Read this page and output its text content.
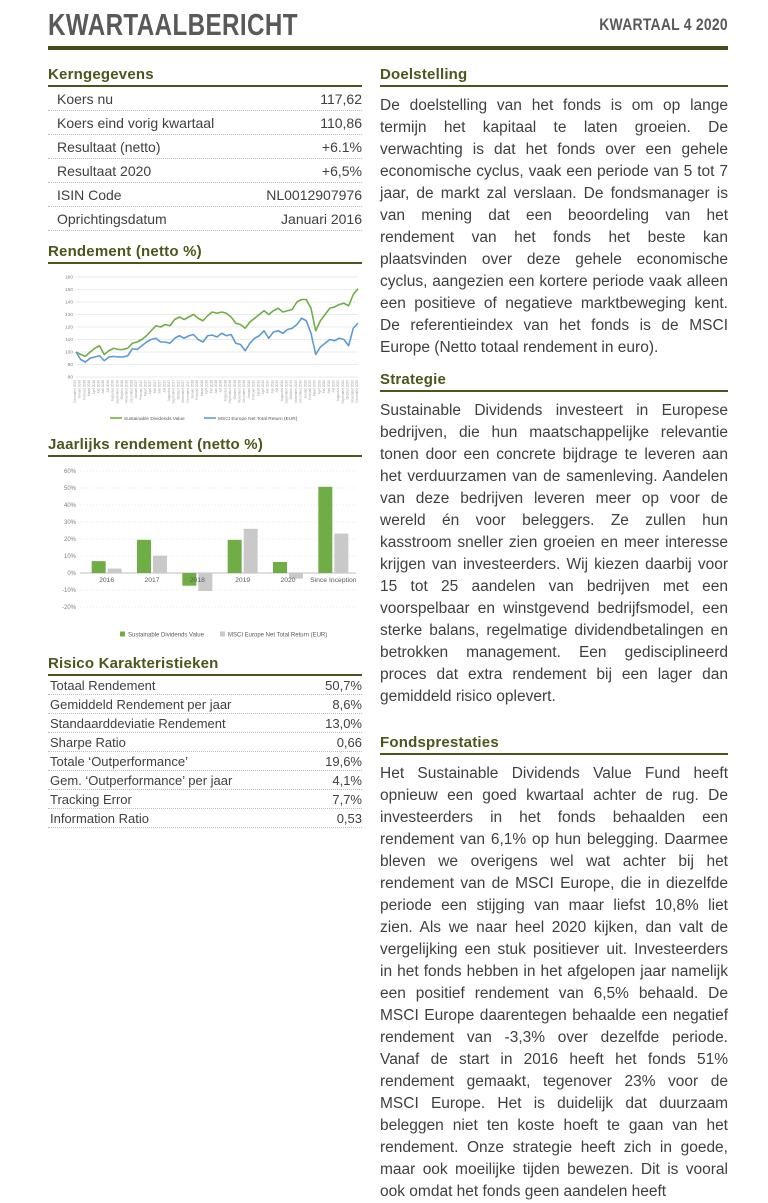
KWARTAALBERICHT	KWARTAAL 4 2020
Kerngegevens
Koers nu	117,62
Koers eind vorig kwartaal	110,86
Resultaat (netto)	+6.1%
Resultaat 2020	+6,5%
ISIN Code	NL0012907976
Oprichtingsdatum	Januari 2016
Rendement (netto %)
80
90
100
110
120
130
140
150
160
December 2015 Januari 2016 Februari 2016 Maart 2016 April 2016 Mei 2016 Juni 2016 Juli 2016 Augustus 2016 September 2016 Oktober 2016 November 2016 December 2016 Januari 2017 Februari 2017 Maart 2017 April 2017 Mei 2017 Juni 2017 Juli 2017 Augustus 2017 September 2017 Oktober 2017 November 2017 December 2017 Januari 2018 Februari 2018 Maart 2018 April 2018 Mei 2018 Juni 2018 Juli 2018 Augustus 2018 September 2018 Oktober 2018 November 2018 December 2018 Januari 2019 Februari 2019 Maart 2019 April 2019 Mei 2019 Juni 2019 Juli 2019 Augustus 2019 September 2019 Oktober 2019 November 2019 December 2019 Januari 2020 Februari 2020 Maart 2020 April 2020 Mei 2020 Juni 2020 Juli 2020 Augustus 2020 September 2020 Oktober 2020 November 2020 December 2020
Sustainable Dividends Value	MSCI Europe Net Total Return (EUR)
Jaarlijks rendement (netto %)
60%
50%
40%
30%
20%
10%
0%
-10%
-20%
2016	2017	2018	2019	2020 Since Inception
Sustainable Dividends Value	MSCI Europe Net Total Return (EUR)
Risico Karakteristieken
Totaal Rendement	50,7%
Gemiddeld Rendement per jaar	8,6%
Standaarddeviatie Rendement	13,0%
Sharpe Ratio	0,66
Totale ‘Outperformance’	19,6%
Gem. ‘Outperformance’ per jaar	4,1%
Tracking Error	7,7%
Information Ratio	0,53
Doelstelling

De doelstelling van het fonds is om op lange termijn het kapitaal te laten groeien. De verwachting is dat het fonds over een gehele economische cyclus, vaak een periode van 5 tot 7 jaar, de markt zal verslaan. De fondsmanager is van mening dat een beoordeling van het rendement van het fonds het beste kan plaatsvinden over deze gehele economische cyclus, aangezien een kortere periode vaak alleen een positieve of negatieve marktbeweging kent. De referentieindex van het fonds is de MSCI Europe (Netto totaal rendement in euro).

Strategie

Sustainable Dividends investeert in Europese bedrijven, die hun maatschappelijke relevantie tonen door een concrete bijdrage te leveren aan het verduurzamen van de samenleving. Aandelen van deze bedrijven leveren meer op voor de wereld én voor beleggers. Ze zullen hun kasstroom sneller zien groeien en meer interesse krijgen van investeerders. Wij kiezen daarbij voor 15 tot 25 aandelen van bedrijven met een voorspelbaar en winstgevend bedrijfsmodel, een sterke balans, regelmatige dividendbetalingen en betrokken management. Een gedisciplineerd proces dat extra rendement bij een lager dan gemiddeld risico oplevert.

Fondsprestaties

Het Sustainable Dividends Value Fund heeft opnieuw een goed kwartaal achter de rug. De investeerders in het fonds behaalden een rendement van 6,1% op hun belegging. Daarmee bleven we overigens wel wat achter bij het rendement van de MSCI Europe, die in diezelfde periode een stijging van maar liefst 10,8% liet zien. Als we naar heel 2020 kijken, dan valt de vergelijking een stuk positiever uit. Investeerders in het fonds hebben in het afgelopen jaar namelijk een positief rendement van 6,5% behaald. De MSCI Europe daarentegen behaalde een negatief rendement van -3,3% over dezelfde periode. Vanaf de start in 2016 heeft het fonds 51% rendement gemaakt, tegenover 23% voor de MSCI Europe. Het is duidelijk dat duurzaam beleggen niet ten koste hoeft te gaan van het rendement. Onze strategie heeft zich in goede, maar ook moeilijke tijden bewezen. Dit is vooral ook omdat het fonds geen aandelen heeft
